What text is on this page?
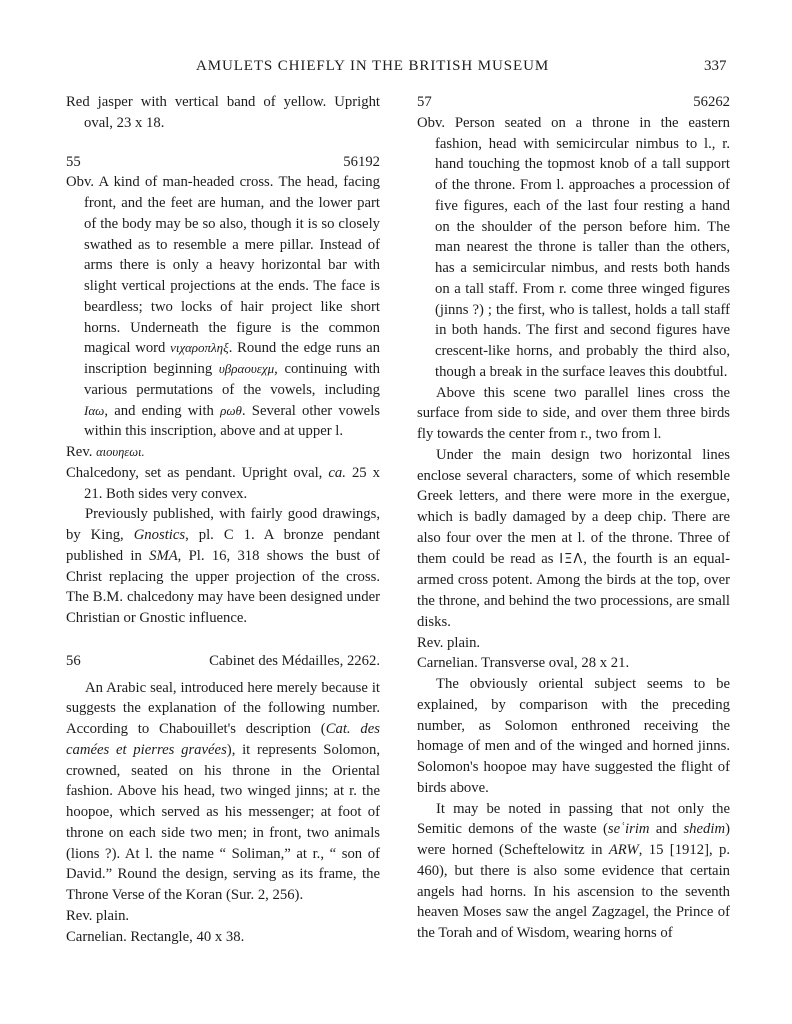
AMULETS CHIEFLY IN THE BRITISH MUSEUM	337

Red jasper with vertical band of yellow. Upright oval, 23 x 18.

55	56192

Obv. A kind of man-headed cross. The head, facing front, and the feet are human, and the lower part of the body may be so also, though it is so closely swathed as to resemble a mere pillar. Instead of arms there is only a heavy horizontal bar with slight vertical projections at the ends. The face is beardless; two locks of hair project like short horns. Underneath the figure is the common magical word νιχαροπληξ. Round the edge runs an inscription beginning υβραουεχμ, continuing with various permutations of the vowels, including Ιαω, and ending with ρωθ. Several other vowels within this inscription, above and at upper l.

Rev. αιουηεωι.

Chalcedony, set as pendant. Upright oval, ca. 25 x 21. Both sides very convex.

Previously published, with fairly good drawings, by King, Gnostics, pl. C 1. A bronze pendant published in SMA, Pl. 16, 318 shows the bust of Christ replacing the upper projection of the cross. The B.M. chalcedony may have been designed under Christian or Gnostic influence.

56	Cabinet des Médailles, 2262.

An Arabic seal, introduced here merely because it suggests the explanation of the following number. According to Chabouillet's description (Cat. des camées et pierres gravées), it represents Solomon, crowned, seated on his throne in the Oriental fashion. Above his head, two winged jinns; at r. the hoopoe, which served as his messenger; at foot of throne on each side two men; in front, two animals (lions ?). At l. the name “ Soliman,” at r., “ son of David.” Round the design, serving as its frame, the Throne Verse of the Koran (Sur. 2, 256).

Rev. plain.

Carnelian. Rectangle, 40 x 38.

57	56262

Obv. Person seated on a throne in the eastern fashion, head with semicircular nimbus to l., r. hand touching the topmost knob of a tall support of the throne. From l. approaches a procession of five figures, each of the last four resting a hand on the shoulder of the person before him. The man nearest the throne is taller than the others, has a semicircular nimbus, and rests both hands on a tall staff. From r. come three winged figures (jinns ?) ; the first, who is tallest, holds a tall staff in both hands. The first and second figures have crescent-like horns, and probably the third also, though a break in the surface leaves this doubtful.

Above this scene two parallel lines cross the surface from side to side, and over them three birds fly towards the center from r., two from l.

Under the main design two horizontal lines enclose several characters, some of which resemble Greek letters, and there were more in the exergue, which is badly damaged by a deep chip. There are also four over the men at l. of the throne. Three of them could be read as ΙΞΛ, the fourth is an equal-armed cross potent. Among the birds at the top, over the throne, and behind the two processions, are small disks.

Rev. plain.

Carnelian. Transverse oval, 28 x 21.

The obviously oriental subject seems to be explained, by comparison with the preceding number, as Solomon enthroned receiving the homage of men and of the winged and horned jinns. Solomon's hoopoe may have suggested the flight of birds above.

It may be noted in passing that not only the Semitic demons of the waste (seʿirim and shedim) were horned (Scheftelowitz in ARW, 15 [1912], p. 460), but there is also some evidence that certain angels had horns. In his ascension to the seventh heaven Moses saw the angel Zagzagel, the Prince of the Torah and of Wisdom, wearing horns of
